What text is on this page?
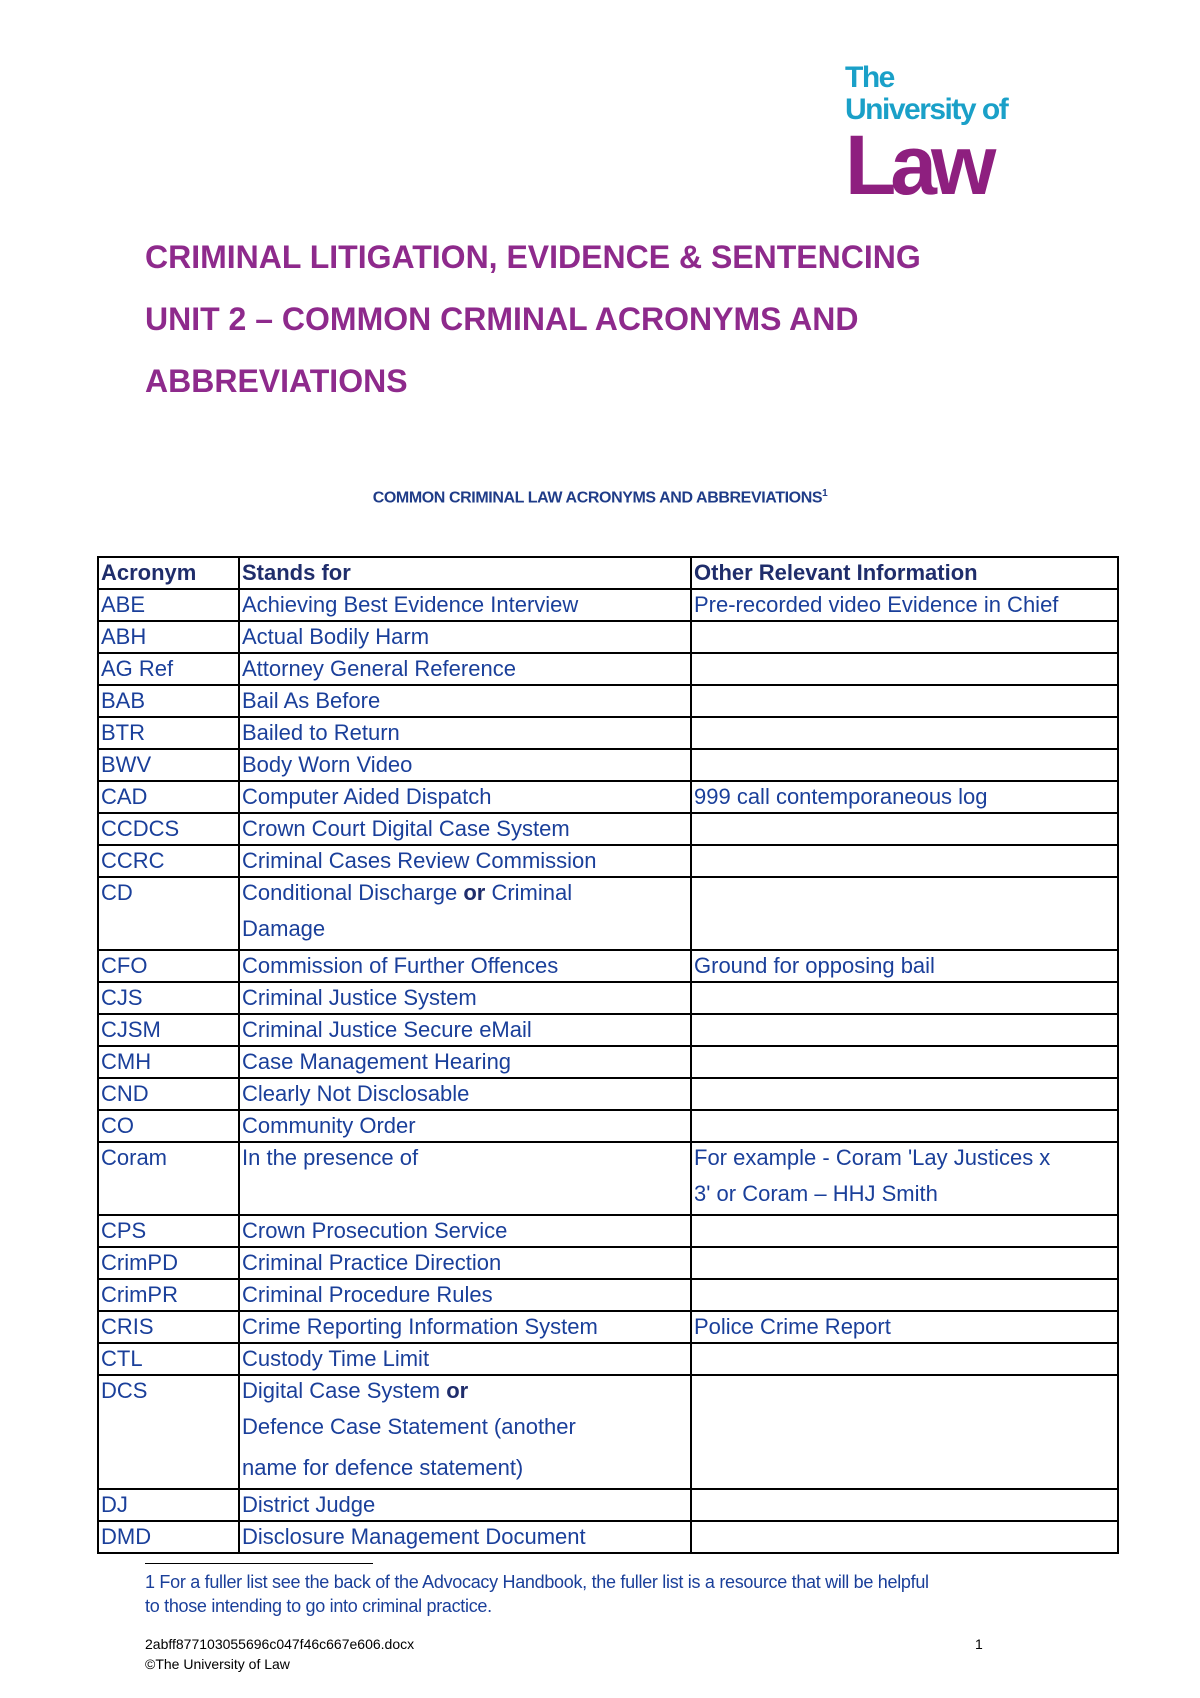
The
University of
Law
CRIMINAL LITIGATION, EVIDENCE & SENTENCING
UNIT 2 – COMMON CRMINAL ACRONYMS AND
ABBREVIATIONS
COMMON CRIMINAL LAW ACRONYMS AND ABBREVIATIONS$^1$
Acronym	Stands for	Other Relevant Information
ABE	Achieving Best Evidence Interview	Pre-recorded video Evidence in Chief
ABH	Actual Bodily Harm	
AG Ref	Attorney General Reference	
BAB	Bail As Before	
BTR	Bailed to Return	
BWV	Body Worn Video	
CAD	Computer Aided Dispatch	999 call contemporaneous log
CCDCS	Crown Court Digital Case System	
CCRC	Criminal Cases Review Commission	
CD	Conditional Discharge or Criminal
Damage	

CFO	Commission of Further Offences	Ground for opposing bail
CJS	Criminal Justice System	
CJSM	Criminal Justice Secure eMail	
CMH	Case Management Hearing	
CND	Clearly Not Disclosable	
CO	Community Order	
Coram	In the presence of	For example - Coram 'Lay Justices x
3' or Coram – HHJ Smith

CPS	Crown Prosecution Service	
CrimPD	Criminal Practice Direction	
CrimPR	Criminal Procedure Rules	
CRIS	Crime Reporting Information System	Police Crime Report
CTL	Custody Time Limit	
DCS	Digital Case System or
Defence Case Statement (another
name for defence statement)	

DJ	District Judge	
DMD	Disclosure Management Document	
1 For a fuller list see the back of the Advocacy Handbook, the fuller list is a resource that will be helpful
to those intending to go into criminal practice.
2abff877103055696c047f46c667e606.docx	1
©The University of Law
